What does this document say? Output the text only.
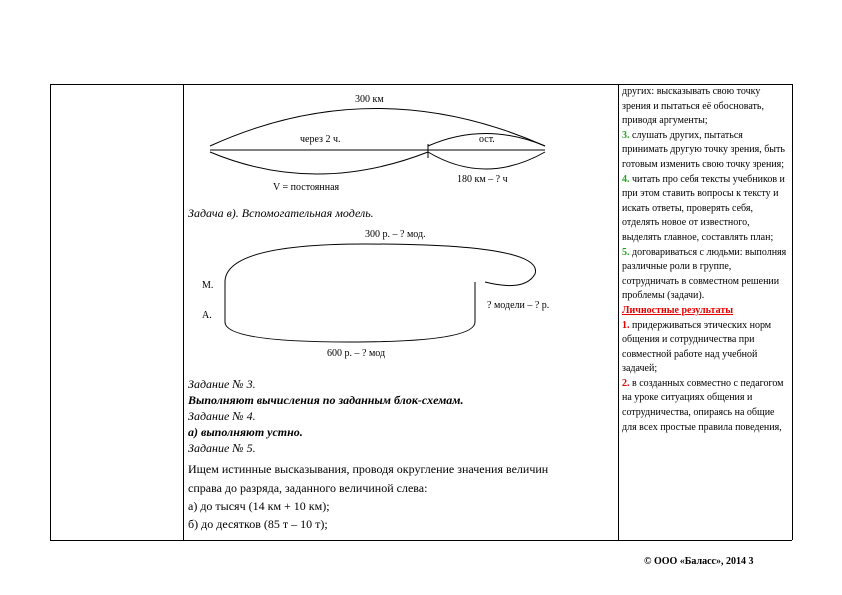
300 км
через 2 ч.	ост.
V = постоянная
180 км – ? ч
Задача в). Вспомогательная модель.
300 р. – ? мод.
М.
А.
? модели – ? р.
600 р. – ? мод
Задание № 3.
Выполняют вычисления по заданным блок-схемам.
Задание № 4.
а) выполняют устно.
Задание № 5.
Ищем истинные высказывания, проводя округление значения величин
справа до разряда, заданного величиной слева:
а) до тысяч (14 км + 10 км);
б) до десятков (85 т – 10 т);

других: высказывать свою точку зрения и пытаться её обосновать, приводя аргументы;

3. слушать других, пытаться принимать другую точку зрения, быть готовым изменить свою точку зрения;

4. читать про себя тексты учебников и при этом ставить вопросы к тексту и искать ответы, проверять себя, отделять новое от известного, выделять главное, составлять план;

5. договариваться с людьми: выполняя различные роли в группе, сотрудничать в совместном решении проблемы (задачи).

Личностные результаты

1. придерживаться этических норм общения и сотрудничества при совместной работе над учебной задачей;

2. в созданных совместно с педагогом на уроке ситуациях общения и сотрудничества, опираясь на общие для всех простые правила поведения,

© ООО «Баласс», 2014 3
